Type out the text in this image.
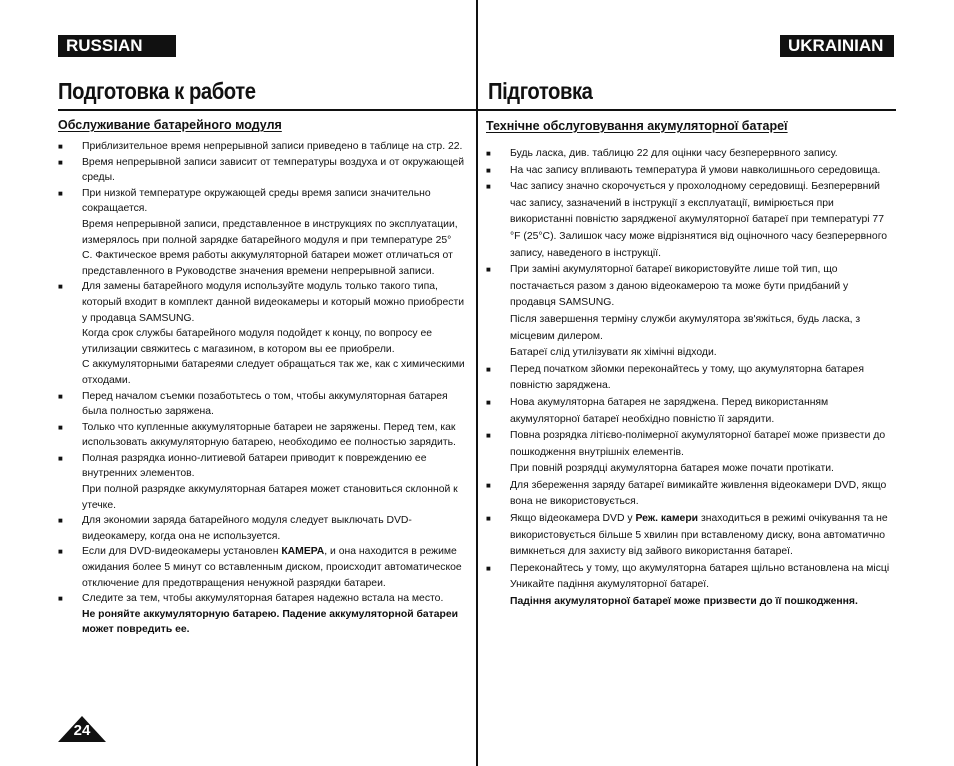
RUSSIAN
Подготовка к работе
Обслуживание батарейного модуля
■ Приблизительное время непрерывной записи приведено в таблице на стр. 22.
■ Время непрерывной записи зависит от температуры воздуха и от окружающей
среды.
■ При низкой температуре окружающей среды время записи значительно
сокращается.
Время непрерывной записи, представленное в инструкциях по эксплуатации,
измерялось при полной зарядке батарейного модуля и при температуре 25°
С. Фактическое время работы аккумуляторной батареи может отличаться от
представленного в Руководстве значения времени непрерывной записи.
■ Для замены батарейного модуля используйте модуль только такого типа,
который входит в комплект данной видеокамеры и который можно приобрести
у продавца SAMSUNG.
Когда срок службы батарейного модуля подойдет к концу, по вопросу ее
утилизации свяжитесь с магазином, в котором вы ее приобрели.
С аккумуляторными батареями следует обращаться так же, как с химическими
отходами.
■ Перед началом съемки позаботьтесь о том, чтобы аккумуляторная батарея
была полностью заряжена.
■ Только что купленные аккумуляторные батареи не заряжены. Перед тем, как
использовать аккумуляторную батарею, необходимо ее полностью зарядить.
■ Полная разрядка ионно-литиевой батареи приводит к повреждению ее
внутренних элементов.
При полной разрядке аккумуляторная батарея может становиться склонной к
утечке.
■ Для экономии заряда батарейного модуля следует выключать DVD-
видеокамеру, когда она не используется.
■ Если для DVD-видеокамеры установлен КАМЕРА, и она находится в режиме
ожидания более 5 минут со вставленным диском, происходит автоматическое
отключение для предотвращения ненужной разрядки батареи.
■ Следите за тем, чтобы аккумуляторная батарея надежно встала на место.
Не роняйте аккумуляторную батарею. Падение аккумуляторной батареи
может повредить ее.
UKRAINIAN
Підготовка
Технічне обслуговування акумуляторної батареї
■ Будь ласка, див. таблицю 22 для оцінки часу безперервного запису.
■ На час запису впливають температура й умови навколишнього середовища.
■ Час запису значно скорочується у прохолодному середовищі. Безперервний
час запису, зазначений в інструкції з експлуатації, вимірюється при
використанні повністю зарядженої акумуляторної батареї при температурі 77
°F (25°C). Залишок часу може відрізнятися від оціночного часу безперервного
запису, наведеного в інструкції.
■ При заміні акумуляторної батареї використовуйте лише той тип, що
постачається разом з даною відеокамерою та може бути придбаний у
продавця SAMSUNG.
Після завершення терміну служби акумулятора зв'яжіться, будь ласка, з
місцевим дилером.
Батареї слід утилізувати як хімічні відходи.
■ Перед початком зйомки переконайтесь у тому, що акумуляторна батарея
повністю заряджена.
■ Нова акумуляторна батарея не заряджена. Перед використанням
акумуляторної батареї необхідно повністю її зарядити.
■ Повна розрядка літієво-полімерної акумуляторної батареї може призвести до
пошкодження внутрішніх елементів.
При повній розрядці акумуляторна батарея може почати протікати.
■ Для збереження заряду батареї вимикайте живлення відеокамери DVD, якщо
вона не використовується.
■ Якщо відеокамера DVD у Реж. камери знаходиться в режимі очікування та не
використовується більше 5 хвилин при вставленому диску, вона автоматично
вимкнеться для захисту від зайвого використання батареї.
■ Переконайтесь у тому, що акумуляторна батарея щільно встановлена на місці
Уникайте падіння акумуляторної батареї.
Падіння акумуляторної батареї може призвести до її пошкодження.
24
